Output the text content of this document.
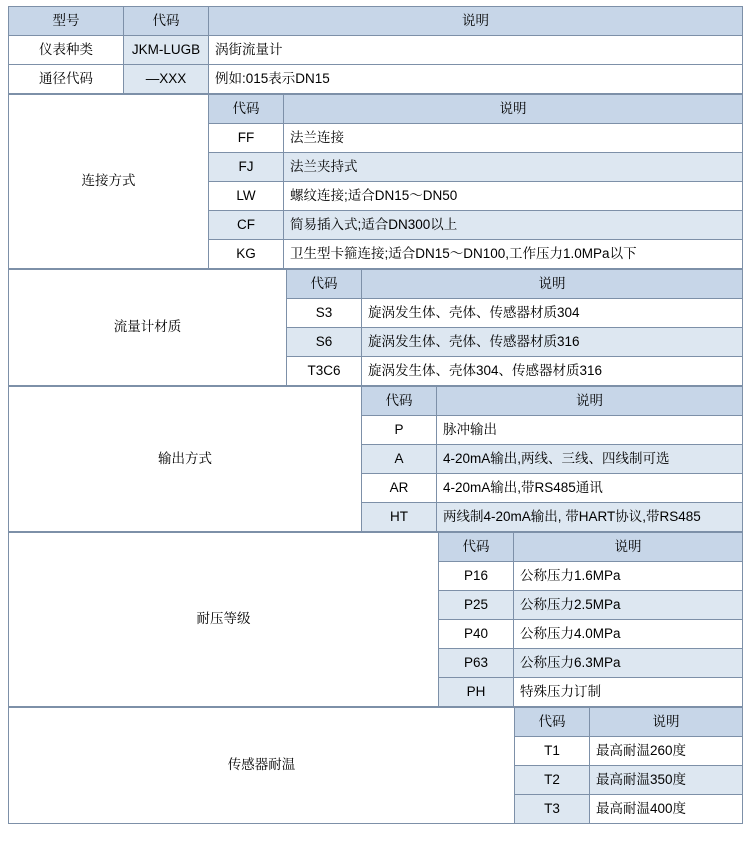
型号	代码	说明
仪表种类	JKM-LUGB	涡街流量计
通径代码	—XXX	例如:015表示DN15
连接方式	代码	说明
	FF	法兰连接
	FJ	法兰夹持式
	LW	螺纹连接;适合DN15～DN50
	CF	简易插入式;适合DN300以上
	KG	卫生型卡箍连接;适合DN15～DN100,工作压力1.0MPa以下
流量计材质	代码	说明
	S3	旋涡发生体、壳体、传感器材质304
	S6	旋涡发生体、壳体、传感器材质316
	T3C6	旋涡发生体、壳体304、传感器材质316
输出方式	代码	说明
	P	脉冲输出
	A	4-20mA输出,两线、三线、四线制可选
	AR	4-20mA输出,带RS485通讯
	HT	两线制4-20mA输出, 带HART协议,带RS485
耐压等级	代码	说明
	P16	公称压力1.6MPa
	P25	公称压力2.5MPa
	P40	公称压力4.0MPa
	P63	公称压力6.3MPa
	PH	特殊压力订制
传感器耐温	代码	说明
	T1	最高耐温260度
	T2	最高耐温350度
	T3	最高耐温400度
